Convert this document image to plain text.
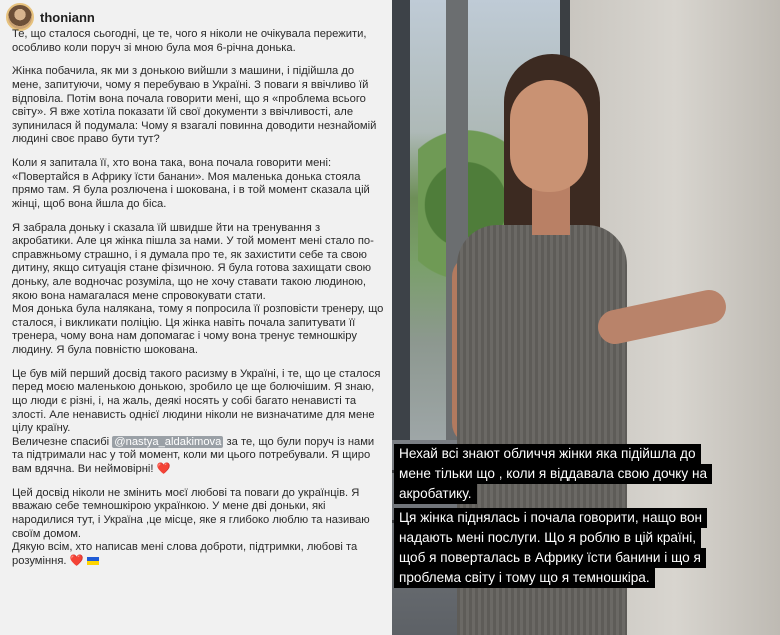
thoniann

Те, що сталося сьогодні, це те, чого я ніколи не очікувала пережити, особливо коли поруч зі мною була моя 6-річна донька.

Жінка побачила, як ми з донькою вийшли з машини, і підійшла до мене, запитуючи, чому я перебуваю в Україні. З поваги я ввічливо їй відповіла. Потім вона почала говорити мені, що я «проблема всього світу». Я вже хотіла показати їй свої документи з ввічливості, але зупинилася й подумала: Чому я взагалі повинна доводити незнайомій людині своє право бути тут?

Коли я запитала її, хто вона така, вона почала говорити мені: «Повертайся в Африку їсти банани». Моя маленька донька стояла прямо там. Я була розлючена і шокована, і в той момент сказала цій жінці, щоб вона йшла до біса.

Я забрала доньку і сказала їй швидше йти на тренування з акробатики. Але ця жінка пішла за нами. У той момент мені стало по-справжньому страшно, і я думала про те, як захистити себе та свою дитину, якщо ситуація стане фізичною. Я була готова захищати свою доньку, але водночас розуміла, що не хочу ставати такою людиною, якою вона намагалася мене спровокувати стати.

Моя донька була налякана, тому я попросила її розповісти тренеру, що сталося, і викликати поліцію. Ця жінка навіть почала запитувати її тренера, чому вона нам допомагає і чому вона тренує темношкіру людину. Я була повністю шокована.

Це був мій перший досвід такого расизму в Україні, і те, що це сталося перед моєю маленькою донькою, зробило це ще болючішим. Я знаю, що люди є різні, і, на жаль, деякі носять у собі багато ненависті та злості. Але ненависть однієї людини ніколи не визначатиме для мене цілу країну.

Величезне спасибі @nastya_aldakimova за те, що були поруч із нами та підтримали нас у той момент, коли ми цього потребували. Я щиро вам вдячна. Ви неймовірні! ❤️

Цей досвід ніколи не змінить моєї любові та поваги до українців. Я вважаю себе темношкірою українкою. У мене дві доньки, які народилися тут, і Україна ,це місце, яке я глибоко люблю та називаю своїм домом.

Дякую всім, хто написав мені слова доброти, підтримки, любові та розуміння. ❤️

Нехай всі знают обличчя жінки яка підійшла до
мене тільки що , коли я віддавала свою дочку на
акробатику.
Ця жінка піднялась і почала говорити, нащо вон
надають мені послуги. Що я роблю в цій країні,
щоб я поверталась в Африку їсти банини і що я
проблема світу і тому що я темношкіра.
